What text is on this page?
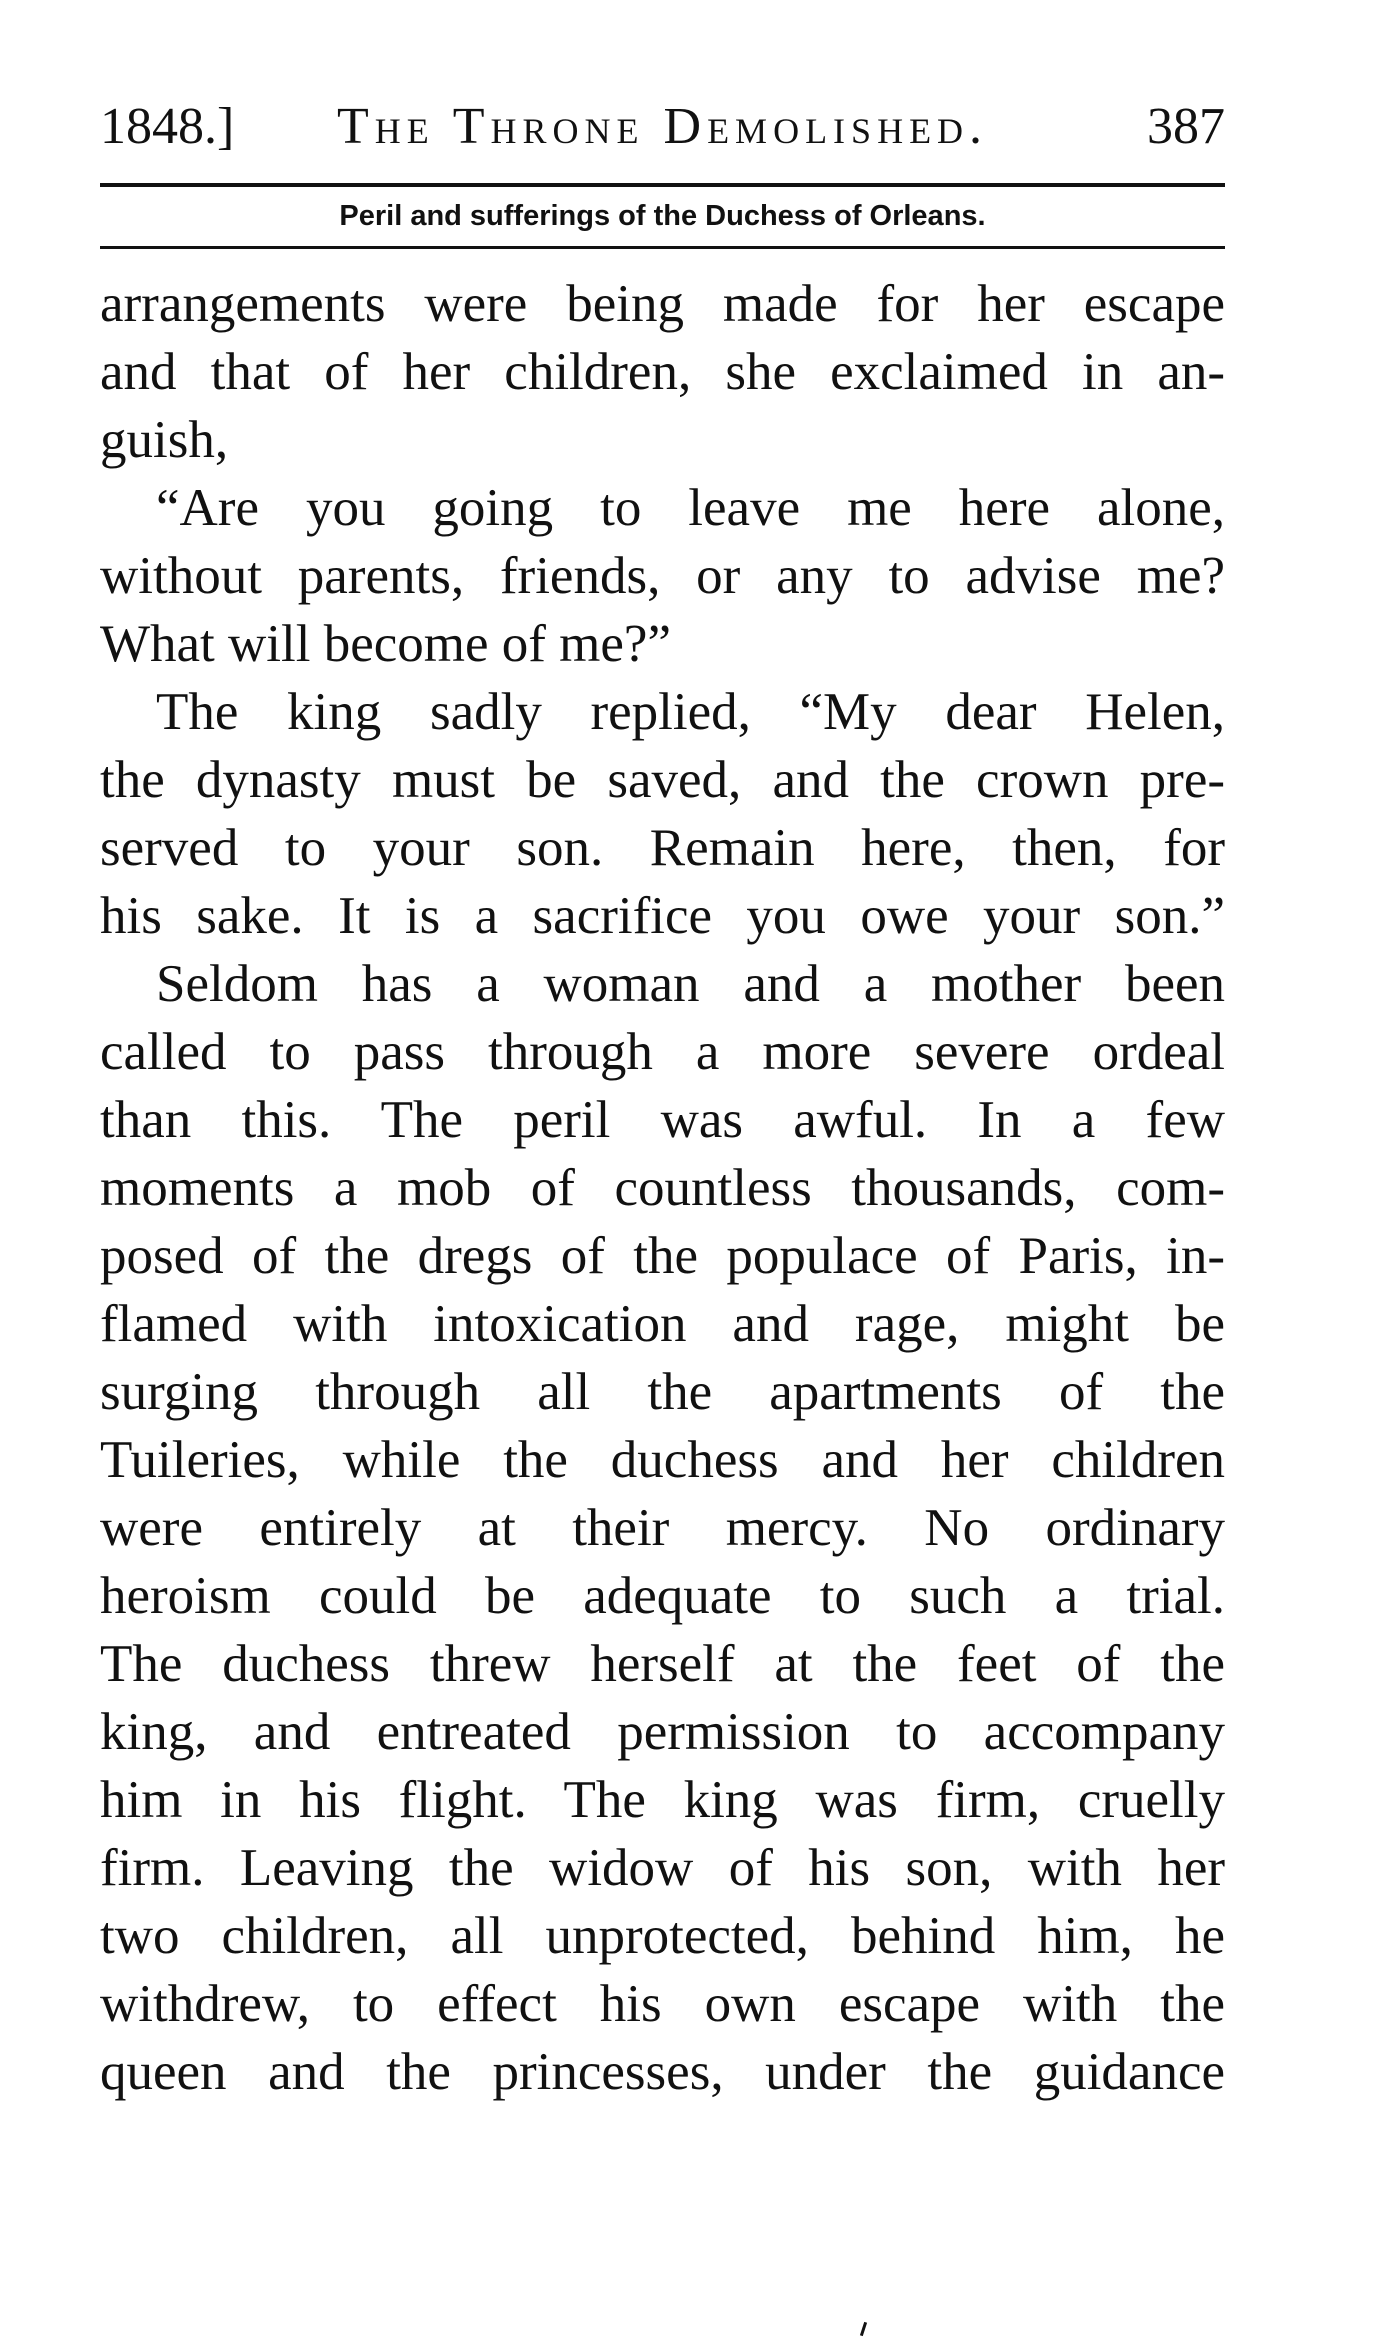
1848.] The Throne Demolished.	387
Peril and sufferings of the Duchess of Orleans.
arrangements were being made for her escape
and that of her children, she exclaimed in an-
guish,
“Are you going to leave me here alone,
without parents, friends, or any to advise me?
What will become of me?”
The king sadly replied, “My dear Helen,
the dynasty must be saved, and the crown pre-
served to your son. Remain here, then, for
his sake. It is a sacrifice you owe your son.”
Seldom has a woman and a mother been
called to pass through a more severe ordeal
than this. The peril was awful. In a few
moments a mob of countless thousands, com-
posed of the dregs of the populace of Paris, in-
flamed with intoxication and rage, might be
surging through all the apartments of the
Tuileries, while the duchess and her children
were entirely at their mercy. No ordinary
heroism could be adequate to such a trial.
The duchess threw herself at the feet of the
king, and entreated permission to accompany
him in his flight. The king was firm, cruelly
firm. Leaving the widow of his son, with her
two children, all unprotected, behind him, he
withdrew, to effect his own escape with the
queen and the princesses, under the guidance
